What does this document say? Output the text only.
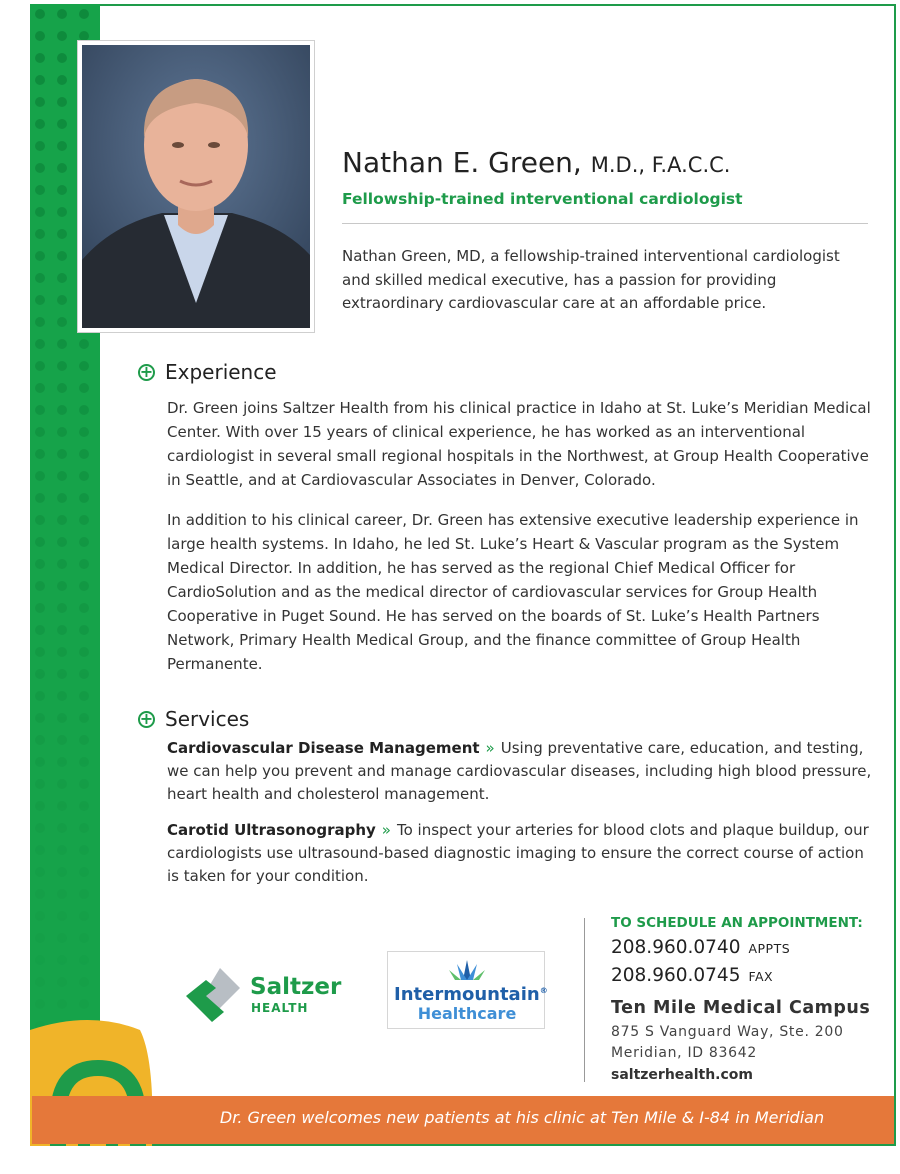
Nathan E. Green, M.D., F.A.C.C.
Fellowship-trained interventional cardiologist
Nathan Green, MD, a fellowship-trained interventional cardiologist and skilled medical executive, has a passion for providing extraordinary cardiovascular care at an affordable price.
+ Experience
Dr. Green joins Saltzer Health from his clinical practice in Idaho at St. Luke’s Meridian Medical Center. With over 15 years of clinical experience, he has worked as an interventional cardiologist in several small regional hospitals in the Northwest, at Group Health Cooperative in Seattle, and at Cardiovascular Associates in Denver, Colorado.
In addition to his clinical career, Dr. Green has extensive executive leadership experience in large health systems. In Idaho, he led St. Luke’s Heart & Vascular program as the System Medical Director. In addition, he has served as the regional Chief Medical Officer for CardioSolution and as the medical director of cardiovascular services for Group Health Cooperative in Puget Sound. He has served on the boards of St. Luke’s Health Partners Network, Primary Health Medical Group, and the finance committee of Group Health Permanente.
+ Services
Cardiovascular Disease Management » Using preventative care, education, and testing, we can help you prevent and manage cardiovascular diseases, including high blood pressure, heart health and cholesterol management.
Carotid Ultrasonography » To inspect your arteries for blood clots and plaque buildup, our cardiologists use ultrasound-based diagnostic imaging to ensure the correct course of action is taken for your condition.
Saltzer
HEALTH
Intermountain®
Healthcare
TO SCHEDULE AN APPOINTMENT:
208.960.0740 APPTS
208.960.0745 FAX
Ten Mile Medical Campus
875 S Vanguard Way, Ste. 200
Meridian, ID 83642
saltzerhealth.com
Dr. Green welcomes new patients at his clinic at Ten Mile & I-84 in Meridian
